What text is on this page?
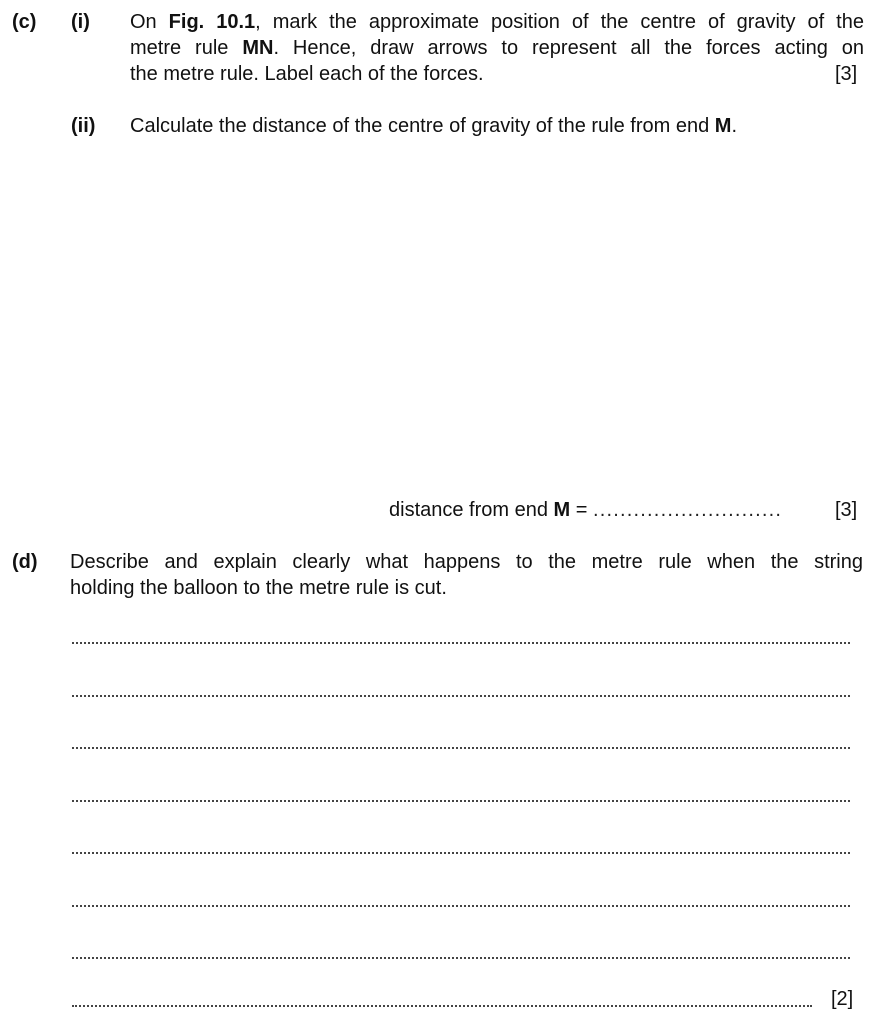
(c) (i) On Fig. 10.1, mark the approximate position of the centre of gravity of the
metre rule MN. Hence, draw arrows to represent all the forces acting on
the metre rule. Label each of the forces.	[3]
(ii) Calculate the distance of the centre of gravity of the rule from end M.
distance from end M = ............................	[3]
(d) Describe and explain clearly what happens to the metre rule when the string
holding the balloon to the metre rule is cut.
[2]
